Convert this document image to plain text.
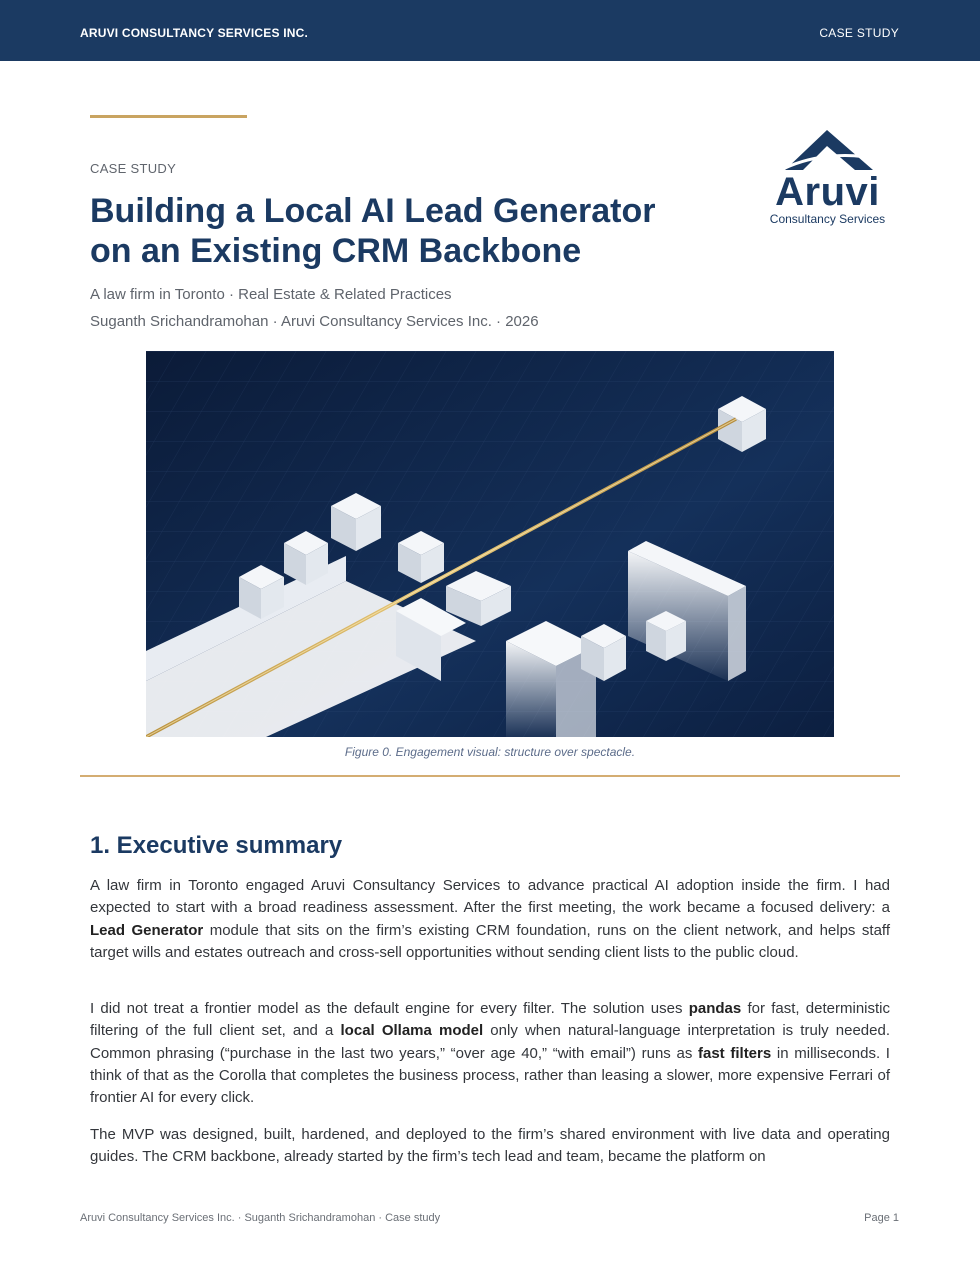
ARUVI CONSULTANCY SERVICES INC.	CASE STUDY
CASE STUDY
Building a Local AI Lead Generator
on an Existing CRM Backbone
A law firm in Toronto · Real Estate & Related Practices
Suganth Srichandramohan · Aruvi Consultancy Services Inc. · 2026
Aruvi
Consultancy Services
Figure 0. Engagement visual: structure over spectacle.
1. Executive summary
A law firm in Toronto engaged Aruvi Consultancy Services to advance practical AI adoption inside the firm. I had expected to start with a broad readiness assessment. After the first meeting, the work became a focused delivery: a Lead Generator module that sits on the firm’s existing CRM foundation, runs on the client network, and helps staff target wills and estates outreach and cross-sell opportunities without sending client lists to the public cloud.
I did not treat a frontier model as the default engine for every filter. The solution uses pandas for fast, deterministic filtering of the full client set, and a local Ollama model only when natural-language interpretation is truly needed. Common phrasing (“purchase in the last two years,” “over age 40,” “with email”) runs as fast filters in milliseconds. I think of that as the Corolla that completes the business process, rather than leasing a slower, more expensive Ferrari of frontier AI for every click.
The MVP was designed, built, hardened, and deployed to the firm’s shared environment with live data and operating guides. The CRM backbone, already started by the firm’s tech lead and team, became the platform on
Aruvi Consultancy Services Inc. · Suganth Srichandramohan · Case study	Page 1
